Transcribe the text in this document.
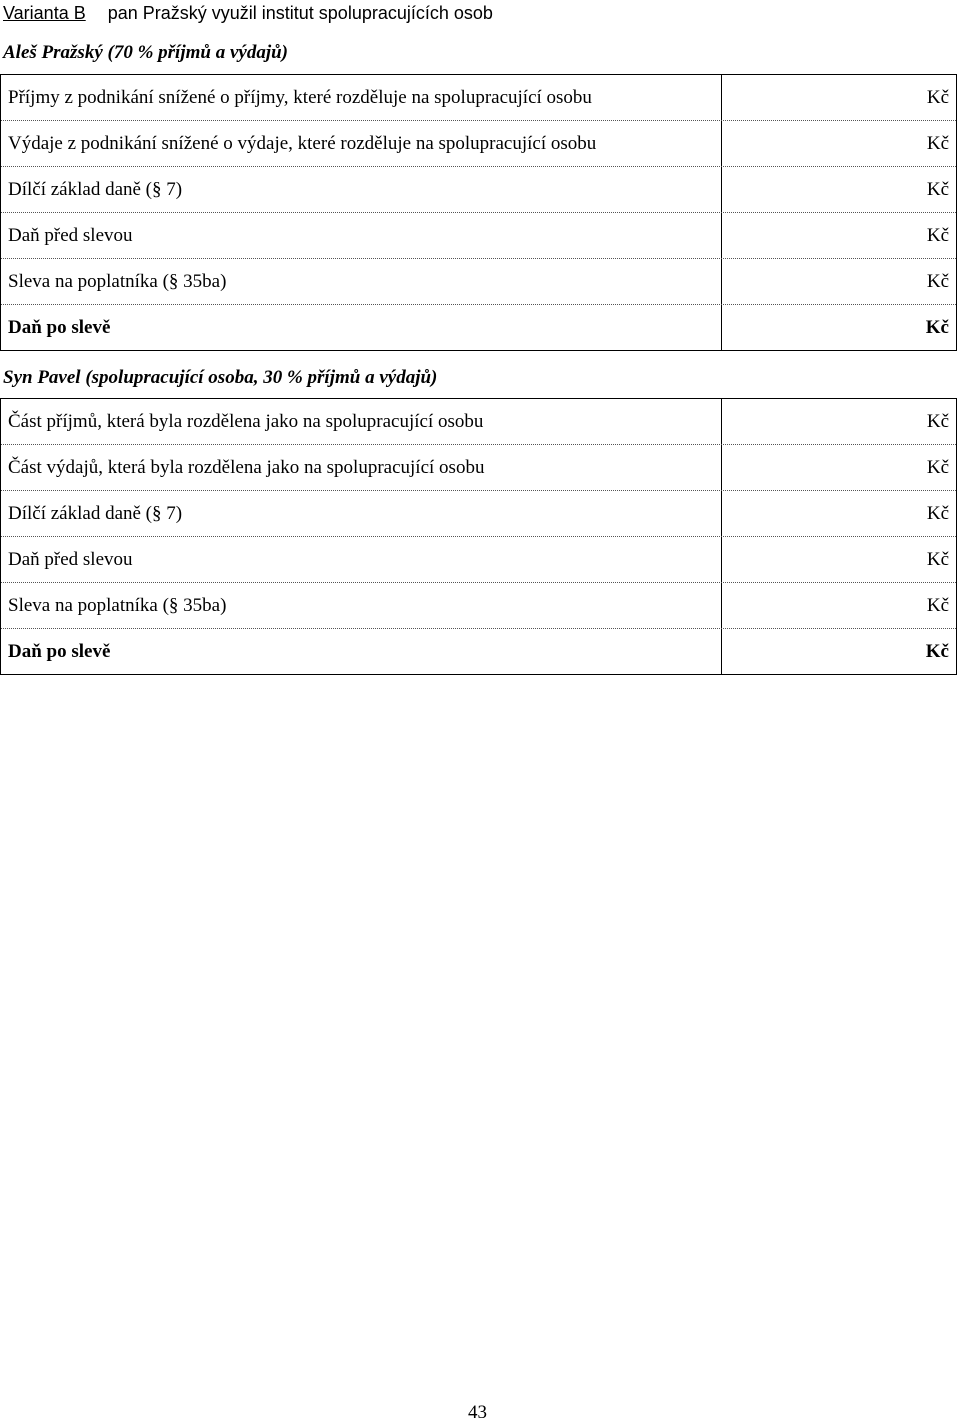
Varianta B pan Pražský využil institut spolupracujících osob
Aleš Pražský (70 % příjmů a výdajů)
Příjmy z podnikání snížené o příjmy, které rozděluje na spolupracující osobu	Kč
Výdaje z podnikání snížené o výdaje, které rozděluje na spolupracující osobu	Kč
Dílčí základ daně (§ 7)	Kč
Daň před slevou	Kč
Sleva na poplatníka (§ 35ba)	Kč
Daň po slevě	Kč
Syn Pavel (spolupracující osoba, 30 % příjmů a výdajů)
Část příjmů, která byla rozdělena jako na spolupracující osobu	Kč
Část výdajů, která byla rozdělena jako na spolupracující osobu	Kč
Dílčí základ daně (§ 7)	Kč
Daň před slevou	Kč
Sleva na poplatníka (§ 35ba)	Kč
Daň po slevě	Kč
43
